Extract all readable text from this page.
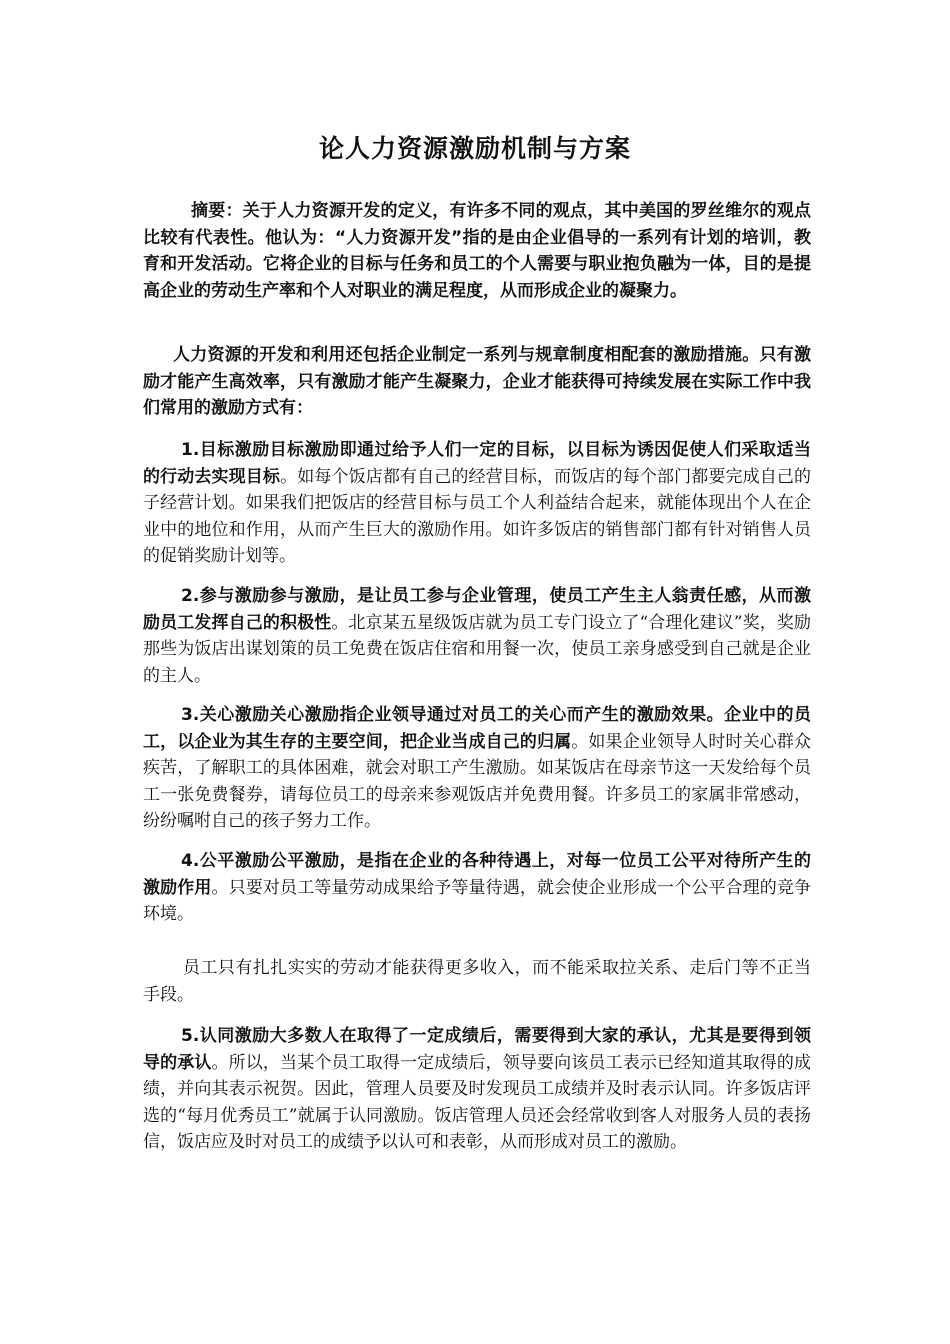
论人力资源激励机制与方案

摘要：关于人力资源开发的定义，有许多不同的观点，其中美国的罗丝维尔的观点比较有代表性。他认为：“人力资源开发”指的是由企业倡导的一系列有计划的培训，教育和开发活动。它将企业的目标与任务和员工的个人需要与职业抱负融为一体，目的是提高企业的劳动生产率和个人对职业的满足程度，从而形成企业的凝聚力。

人力资源的开发和利用还包括企业制定一系列与规章制度相配套的激励措施。只有激励才能产生高效率，只有激励才能产生凝聚力，企业才能获得可持续发展在实际工作中我们常用的激励方式有：

1.目标激励目标激励即通过给予人们一定的目标，以目标为诱因促使人们采取适当的行动去实现目标。如每个饭店都有自己的经营目标，而饭店的每个部门都要完成自己的子经营计划。如果我们把饭店的经营目标与员工个人利益结合起来，就能体现出个人在企业中的地位和作用，从而产生巨大的激励作用。如许多饭店的销售部门都有针对销售人员的促销奖励计划等。

2.参与激励参与激励，是让员工参与企业管理，使员工产生主人翁责任感，从而激励员工发挥自己的积极性。北京某五星级饭店就为员工专门设立了“合理化建议”奖，奖励那些为饭店出谋划策的员工免费在饭店住宿和用餐一次，使员工亲身感受到自己就是企业的主人。

3.关心激励关心激励指企业领导通过对员工的关心而产生的激励效果。企业中的员工，以企业为其生存的主要空间，把企业当成自己的归属。如果企业领导人时时关心群众疾苦，了解职工的具体困难，就会对职工产生激励。如某饭店在母亲节这一天发给每个员工一张免费餐券，请每位员工的母亲来参观饭店并免费用餐。许多员工的家属非常感动，纷纷嘱咐自己的孩子努力工作。

4.公平激励公平激励，是指在企业的各种待遇上，对每一位员工公平对待所产生的激励作用。只要对员工等量劳动成果给予等量待遇，就会使企业形成一个公平合理的竞争环境。

员工只有扎扎实实的劳动才能获得更多收入，而不能采取拉关系、走后门等不正当手段。

5.认同激励大多数人在取得了一定成绩后，需要得到大家的承认，尤其是要得到领导的承认。所以，当某个员工取得一定成绩后，领导要向该员工表示已经知道其取得的成绩，并向其表示祝贺。因此，管理人员要及时发现员工成绩并及时表示认同。许多饭店评选的“每月优秀员工”就属于认同激励。饭店管理人员还会经常收到客人对服务人员的表扬信，饭店应及时对员工的成绩予以认可和表彰，从而形成对员工的激励。
